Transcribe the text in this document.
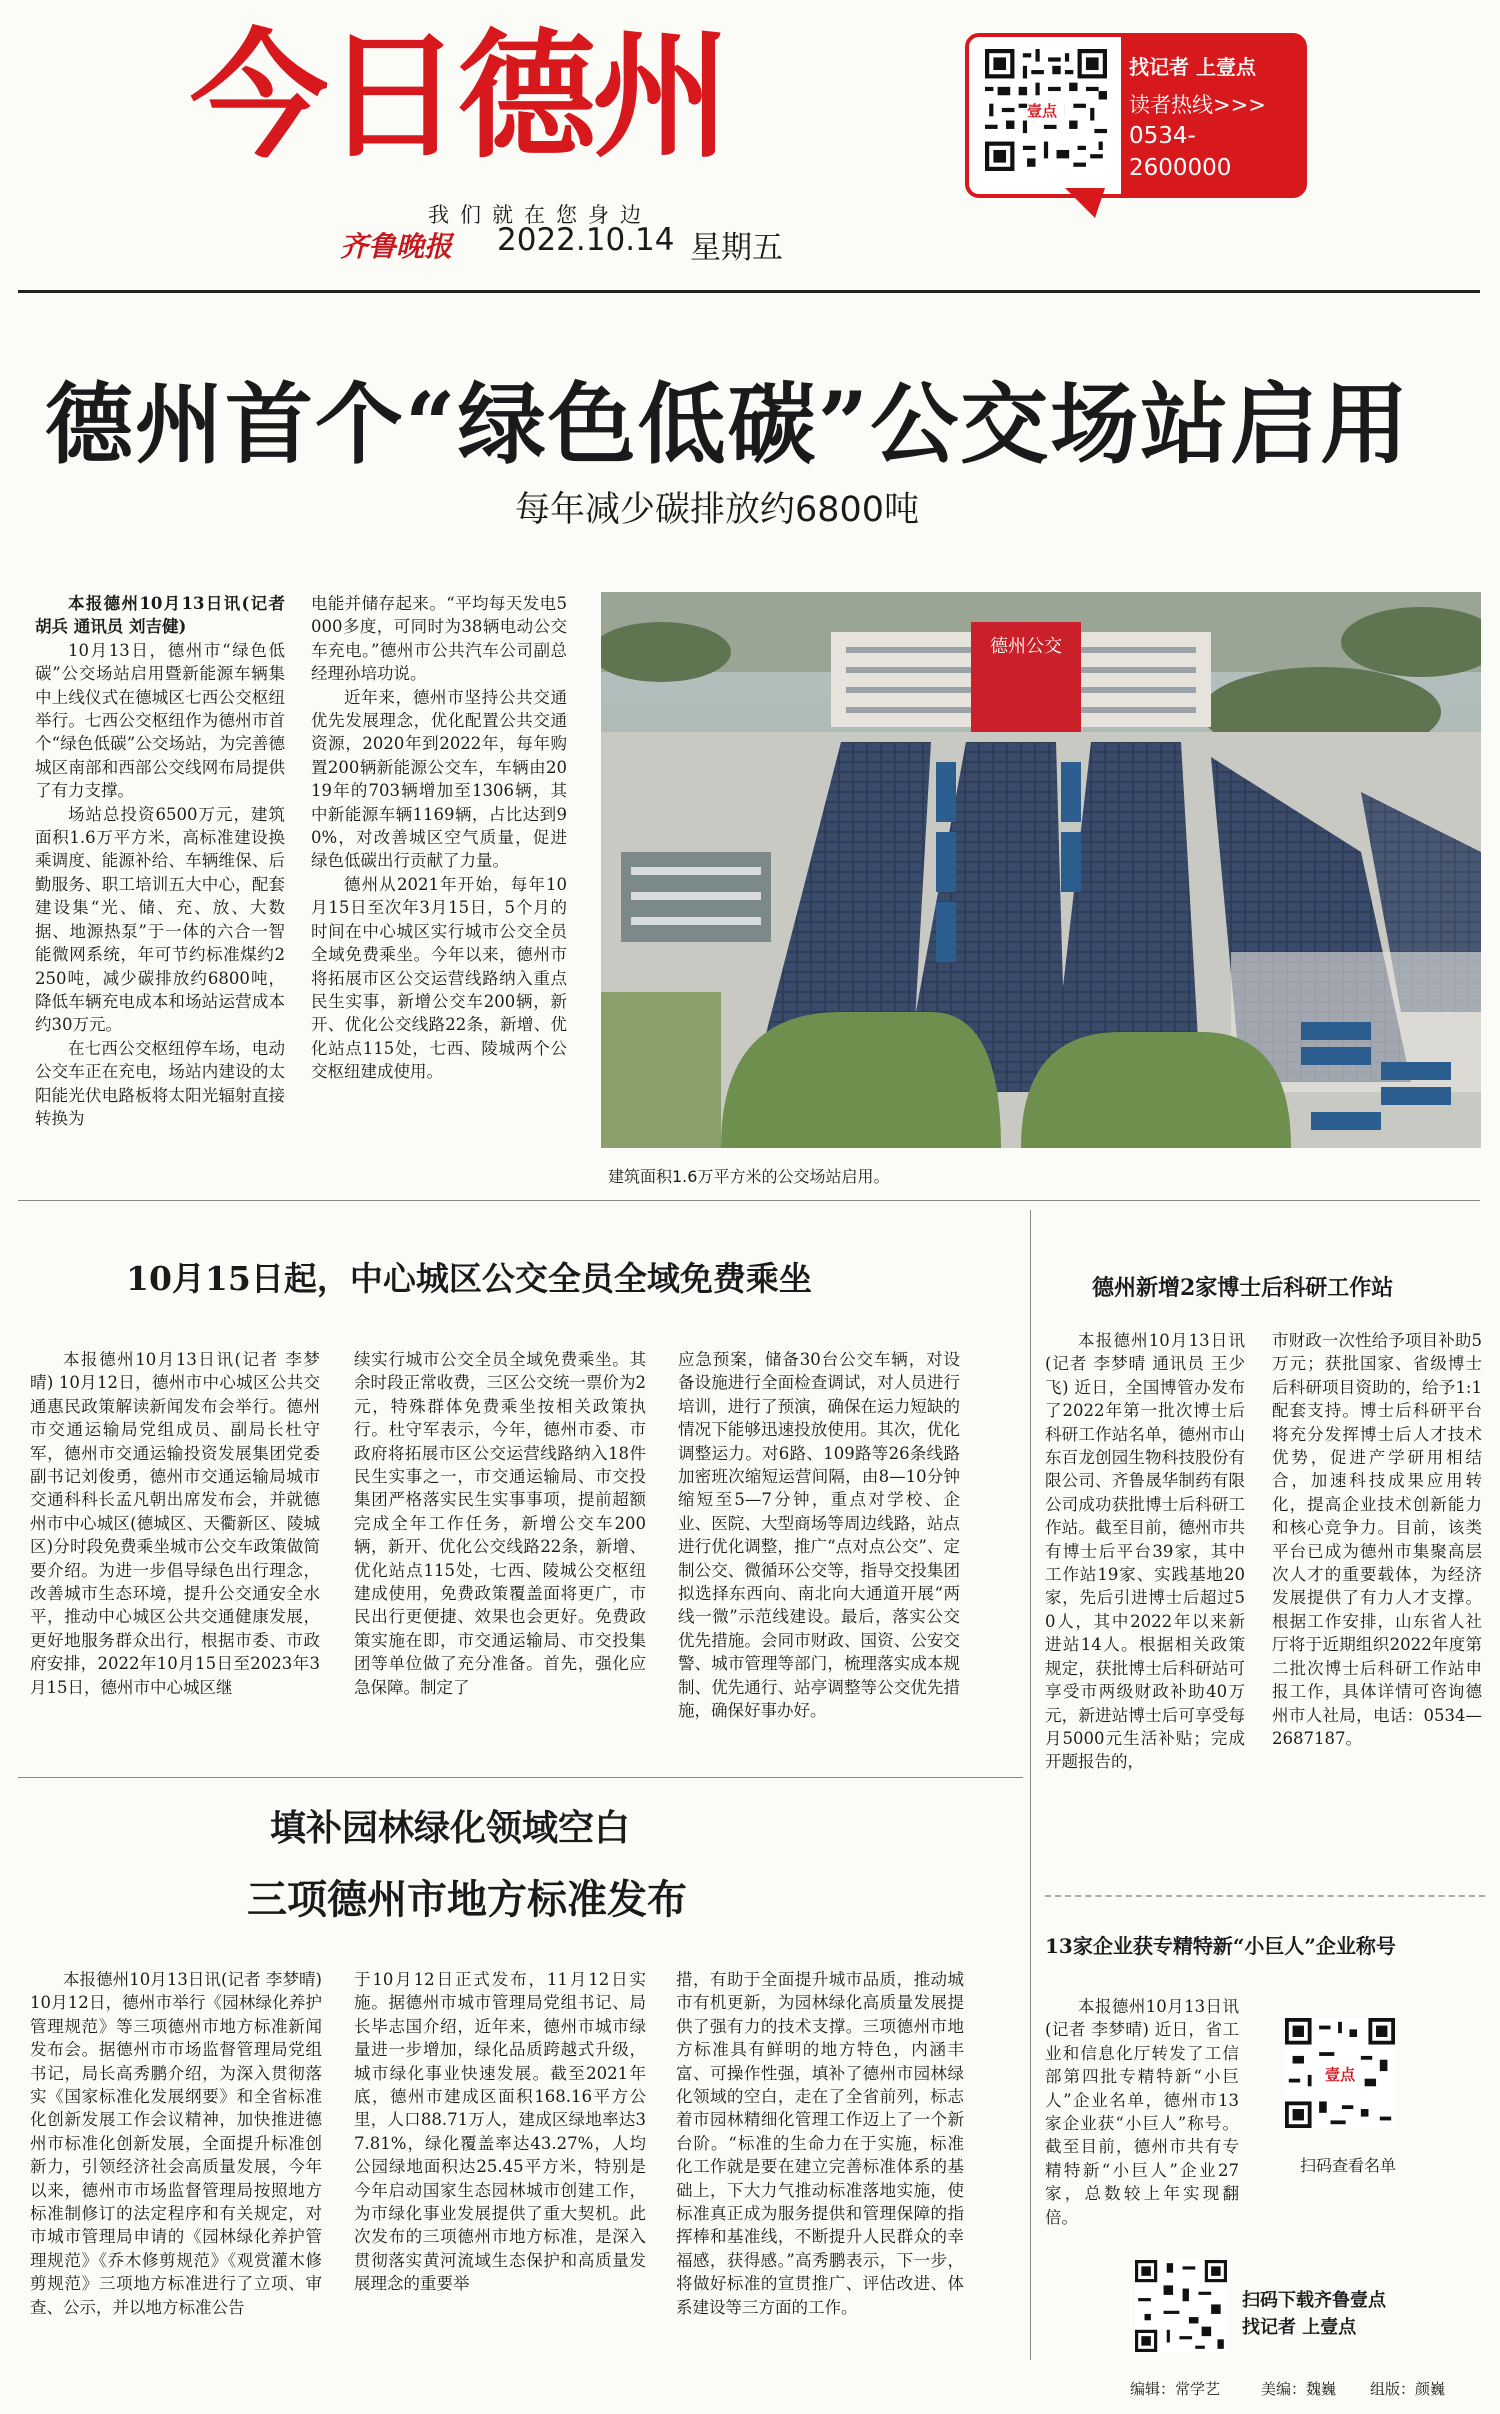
今日德州
我们就在您身边
齐鲁晚报 2022.10.14 星期五
壹点
找记者 上壹点
读者热线>>>
0534-
2600000
德州首个“绿色低碳”公交场站启用
每年减少碳排放约6800吨

本报德州10月13日讯(记者 胡兵 通讯员 刘吉健)

10月13日，德州市“绿色低碳”公交场站启用暨新能源车辆集中上线仪式在德城区七西公交枢纽举行。七西公交枢纽作为德州市首个“绿色低碳”公交场站，为完善德城区南部和西部公交线网布局提供了有力支撑。

场站总投资6500万元，建筑面积1.6万平方米，高标准建设换乘调度、能源补给、车辆维保、后勤服务、职工培训五大中心，配套建设集“光、储、充、放、大数据、地源热泵”于一体的六合一智能微网系统，年可节约标准煤约2250吨，减少碳排放约6800吨，降低车辆充电成本和场站运营成本约30万元。

在七西公交枢纽停车场，电动公交车正在充电，场站内建设的太阳能光伏电路板将太阳光辐射直接转换为

电能并储存起来。“平均每天发电5000多度，可同时为38辆电动公交车充电。”德州市公共汽车公司副总经理孙培功说。

近年来，德州市坚持公共交通优先发展理念，优化配置公共交通资源，2020年到2022年，每年购置200辆新能源公交车，车辆由2019年的703辆增加至1306辆，其中新能源车辆1169辆，占比达到90%，对改善城区空气质量，促进绿色低碳出行贡献了力量。

德州从2021年开始，每年10月15日至次年3月15日，5个月的时间在中心城区实行城市公交全员全域免费乘坐。今年以来，德州市将拓展市区公交运营线路纳入重点民生实事，新增公交车200辆，新开、优化公交线路22条，新增、优化站点115处，七西、陵城两个公交枢纽建成使用。

德州公交
建筑面积1.6万平方米的公交场站启用。
10月15日起，中心城区公交全员全域免费乘坐

本报德州10月13日讯(记者 李梦晴) 10月12日，德州市中心城区公共交通惠民政策解读新闻发布会举行。德州市交通运输局党组成员、副局长杜守军，德州市交通运输投资发展集团党委副书记刘俊勇，德州市交通运输局城市交通科科长孟凡朝出席发布会，并就德州市中心城区(德城区、天衢新区、陵城区)分时段免费乘坐城市公交车政策做简要介绍。为进一步倡导绿色出行理念，改善城市生态环境，提升公交通安全水平，推动中心城区公共交通健康发展，更好地服务群众出行，根据市委、市政府安排，2022年10月15日至2023年3月15日，德州市中心城区继

续实行城市公交全员全域免费乘坐。其余时段正常收费，三区公交统一票价为2元，特殊群体免费乘坐按相关政策执行。杜守军表示，今年，德州市委、市政府将拓展市区公交运营线路纳入18件民生实事之一，市交通运输局、市交投集团严格落实民生实事事项，提前超额完成全年工作任务，新增公交车200辆，新开、优化公交线路22条，新增、优化站点115处，七西、陵城公交枢纽建成使用，免费政策覆盖面将更广，市民出行更便捷、效果也会更好。免费政策实施在即，市交通运输局、市交投集团等单位做了充分准备。首先，强化应急保障。制定了

应急预案，储备30台公交车辆，对设备设施进行全面检查调试，对人员进行培训，进行了预演，确保在运力短缺的情况下能够迅速投放使用。其次，优化调整运力。对6路、109路等26条线路加密班次缩短运营间隔，由8—10分钟缩短至5—7分钟，重点对学校、企业、医院、大型商场等周边线路，站点进行优化调整，推广“点对点公交”、定制公交、微循环公交等，指导交投集团拟选择东西向、南北向大通道开展“两线一微”示范线建设。最后，落实公交优先措施。会同市财政、国资、公安交警、城市管理等部门，梳理落实成本规制、优先通行、站亭调整等公交优先措施，确保好事办好。

德州新增2家博士后科研工作站

本报德州10月13日讯(记者 李梦晴 通讯员 王少飞) 近日，全国博管办发布了2022年第一批次博士后科研工作站名单，德州市山东百龙创园生物科技股份有限公司、齐鲁晟华制药有限公司成功获批博士后科研工作站。截至目前，德州市共有博士后平台39家，其中工作站19家、实践基地20家，先后引进博士后超过50人，其中2022年以来新进站14人。根据相关政策规定，获批博士后科研站可享受市两级财政补助40万元，新进站博士后可享受每月5000元生活补贴；完成开题报告的，

市财政一次性给予项目补助5万元；获批国家、省级博士后科研项目资助的，给予1:1配套支持。博士后科研平台将充分发挥博士后人才技术优势，促进产学研用相结合，加速科技成果应用转化，提高企业技术创新能力和核心竞争力。目前，该类平台已成为德州市集聚高层次人才的重要载体，为经济发展提供了有力人才支撑。根据工作安排，山东省人社厅将于近期组织2022年度第二批次博士后科研工作站申报工作，具体详情可咨询德州市人社局，电话：0534—2687187。

填补园林绿化领域空白
三项德州市地方标准发布

本报德州10月13日讯(记者 李梦晴) 10月12日，德州市举行《园林绿化养护管理规范》等三项德州市地方标准新闻发布会。据德州市市场监督管理局党组书记，局长高秀鹏介绍，为深入贯彻落实《国家标准化发展纲要》和全省标准化创新发展工作会议精神，加快推进德州市标准化创新发展，全面提升标准创新力，引领经济社会高质量发展，今年以来，德州市市场监督管理局按照地方标准制修订的法定程序和有关规定，对市城市管理局申请的《园林绿化养护管理规范》《乔木修剪规范》《观赏灌木修剪规范》三项地方标准进行了立项、审查、公示，并以地方标准公告

于10月12日正式发布，11月12日实施。据德州市城市管理局党组书记、局长毕志国介绍，近年来，德州市城市绿量进一步增加，绿化品质跨越式升级，城市绿化事业快速发展。截至2021年底，德州市建成区面积168.16平方公里，人口88.71万人，建成区绿地率达37.81%，绿化覆盖率达43.27%，人均公园绿地面积达25.45平方米，特别是今年启动国家生态园林城市创建工作，为市绿化事业发展提供了重大契机。此次发布的三项德州市地方标准，是深入贯彻落实黄河流域生态保护和高质量发展理念的重要举

措，有助于全面提升城市品质，推动城市有机更新，为园林绿化高质量发展提供了强有力的技术支撑。三项德州市地方标准具有鲜明的地方特色，内涵丰富、可操作性强，填补了德州市园林绿化领域的空白，走在了全省前列，标志着市园林精细化管理工作迈上了一个新台阶。“标准的生命力在于实施，标准化工作就是要在建立完善标准体系的基础上，下大力气推动标准落地实施，使标准真正成为服务提供和管理保障的指挥棒和基准线，不断提升人民群众的幸福感，获得感。”高秀鹏表示，下一步，将做好标准的宣贯推广、评估改进、体系建设等三方面的工作。

13家企业获专精特新“小巨人”企业称号

本报德州10月13日讯(记者 李梦晴) 近日，省工业和信息化厅转发了工信部第四批专精特新“小巨人”企业名单，德州市13家企业获“小巨人”称号。截至目前，德州市共有专精特新“小巨人”企业27家，总数较上年实现翻倍。

壹点
扫码查看名单
扫码下载齐鲁壹点
找记者 上壹点
编辑：常学艺	美编：魏巍 组版：颜巍
